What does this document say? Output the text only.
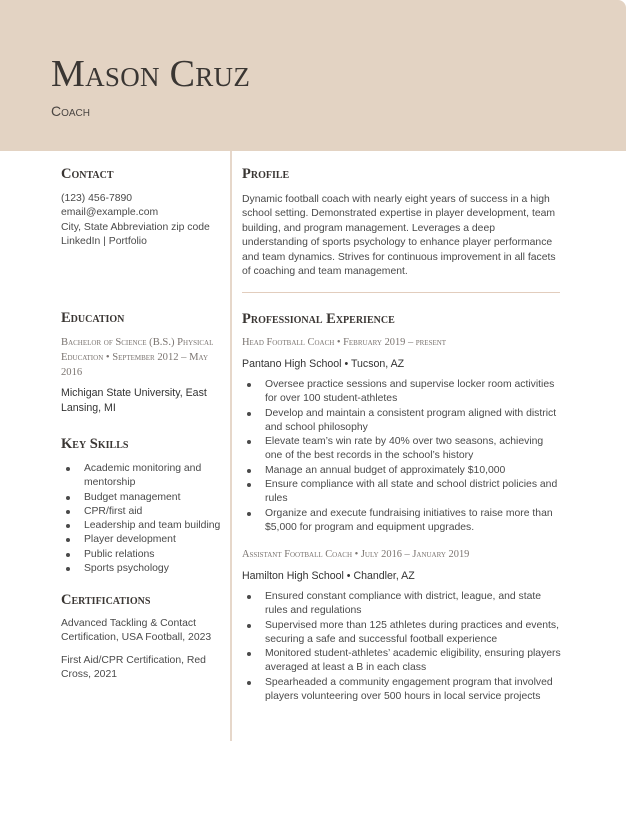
Mason Cruz
Coach
Contact
(123) 456-7890
email@example.com
City, State Abbreviation zip code
LinkedIn | Portfolio
Education
Bachelor of Science (B.S.) Physical
Education • September 2012 – May
2016
Michigan State University, East
Lansing, MI
Key Skills
Academic monitoring and mentorship
Budget management
CPR/first aid
Leadership and team building
Player development
Public relations
Sports psychology
Certifications
Advanced Tackling & Contact Certification, USA Football, 2023
First Aid/CPR Certification, Red Cross, 2021
Profile
Dynamic football coach with nearly eight years of success in a high school setting. Demonstrated expertise in player development, team building, and program management. Leverages a deep understanding of sports psychology to enhance player performance and team dynamics. Strives for continuous improvement in all facets of coaching and team management.
Professional Experience
Head Football Coach • February 2019 – present
Pantano High School • Tucson, AZ
Oversee practice sessions and supervise locker room activities for over 100 student-athletes
Develop and maintain a consistent program aligned with district and school philosophy
Elevate team’s win rate by 40% over two seasons, achieving one of the best records in the school’s history
Manage an annual budget of approximately $10,000
Ensure compliance with all state and school district policies and rules
Organize and execute fundraising initiatives to raise more than $5,000 for program and equipment upgrades.
Assistant Football Coach • July 2016 – January 2019
Hamilton High School • Chandler, AZ
Ensured constant compliance with district, league, and state rules and regulations
Supervised more than 125 athletes during practices and events, securing a safe and successful football experience
Monitored student-athletes’ academic eligibility, ensuring players averaged at least a B in each class
Spearheaded a community engagement program that involved players volunteering over 500 hours in local service projects
